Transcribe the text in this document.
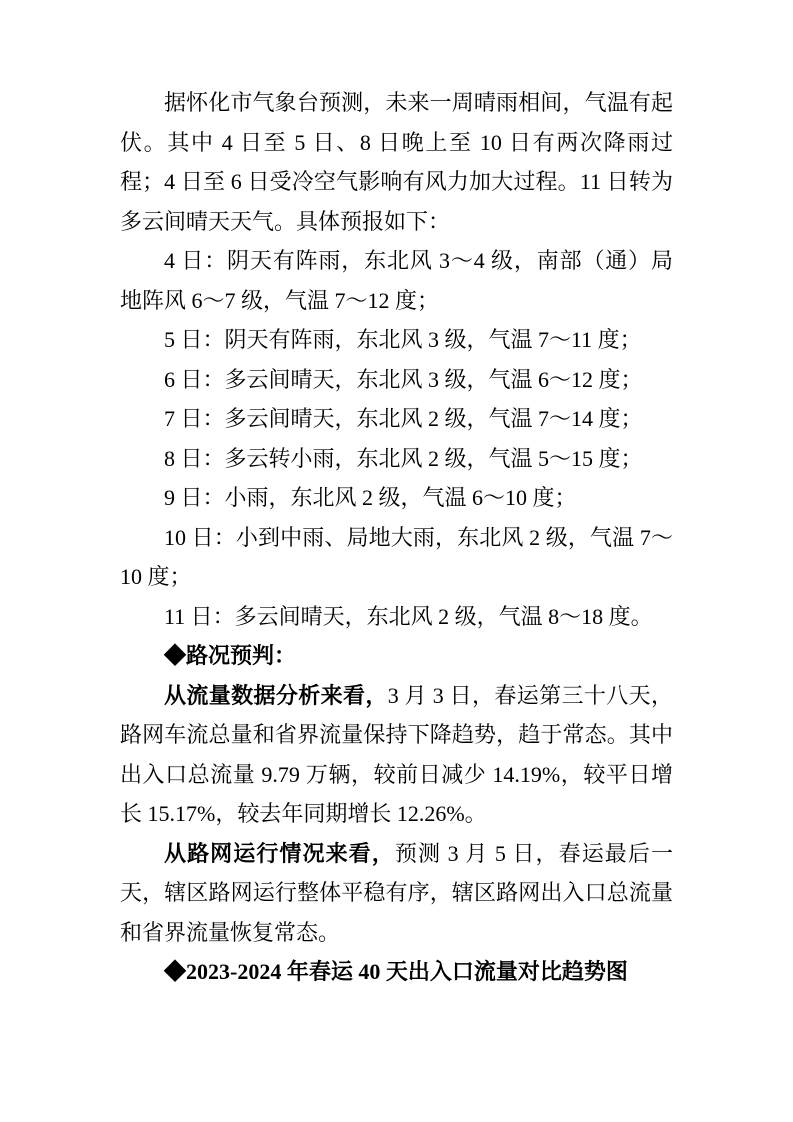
据怀化市气象台预测，未来一周晴雨相间，气温有起伏。其中 4 日至 5 日、8 日晚上至 10 日有两次降雨过程；4 日至 6 日受冷空气影响有风力加大过程。11 日转为多云间晴天天气。具体预报如下：

4 日：阴天有阵雨，东北风 3～4 级，南部（通）局地阵风 6～7 级，气温 7～12 度；

5 日：阴天有阵雨，东北风 3 级，气温 7～11 度；

6 日：多云间晴天，东北风 3 级，气温 6～12 度；

7 日：多云间晴天，东北风 2 级，气温 7～14 度；

8 日：多云转小雨，东北风 2 级，气温 5～15 度；

9 日：小雨，东北风 2 级，气温 6～10 度；

10 日：小到中雨、局地大雨，东北风 2 级，气温 7～10 度；

11 日：多云间晴天，东北风 2 级，气温 8～18 度。

◆路况预判：

从流量数据分析来看，3 月 3 日，春运第三十八天，路网车流总量和省界流量保持下降趋势，趋于常态。其中出入口总流量 9.79 万辆，较前日减少 14.19%，较平日增长 15.17%，较去年同期增长 12.26%。

从路网运行情况来看，预测 3 月 5 日，春运最后一天，辖区路网运行整体平稳有序，辖区路网出入口总流量和省界流量恢复常态。

◆2023-2024 年春运 40 天出入口流量对比趋势图
